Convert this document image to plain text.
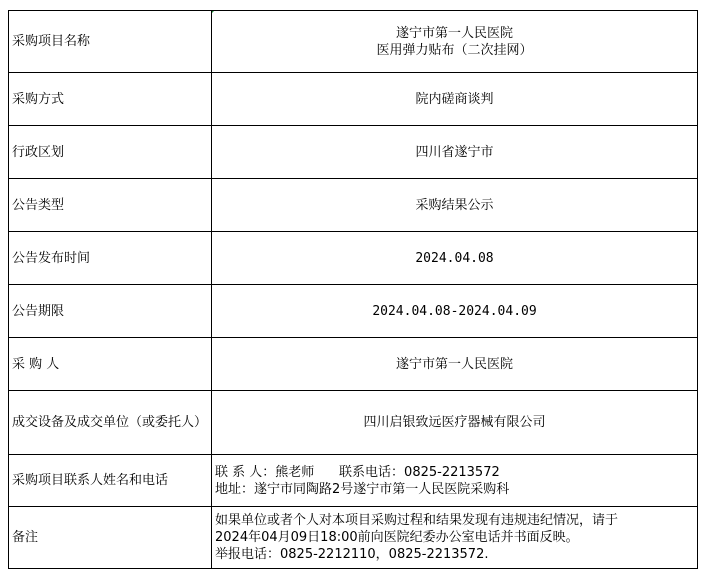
采购项目名称	遂宁市第一人民医院
医用弹力贴布（二次挂网）

采购方式	院内磋商谈判
行政区划	四川省遂宁市
公告类型	采购结果公示
公告发布时间	2024.04.08
公告期限	2024.04.08-2024.04.09
采 购 人	遂宁市第一人民医院
成交设备及成交单位（或委托人）	四川启银致远医疗器械有限公司
采购项目联系人姓名和电话	联 系 人：熊老师      联系电话：0825-2213572
地址：遂宁市同陶路2号遂宁市第一人民医院采购科

备注	如果单位或者个人对本项目采购过程和结果发现有违规违纪情况，请于
2024年04月09日18:00前向医院纪委办公室电话并书面反映。
举报电话：0825-2212110，0825-2213572.
